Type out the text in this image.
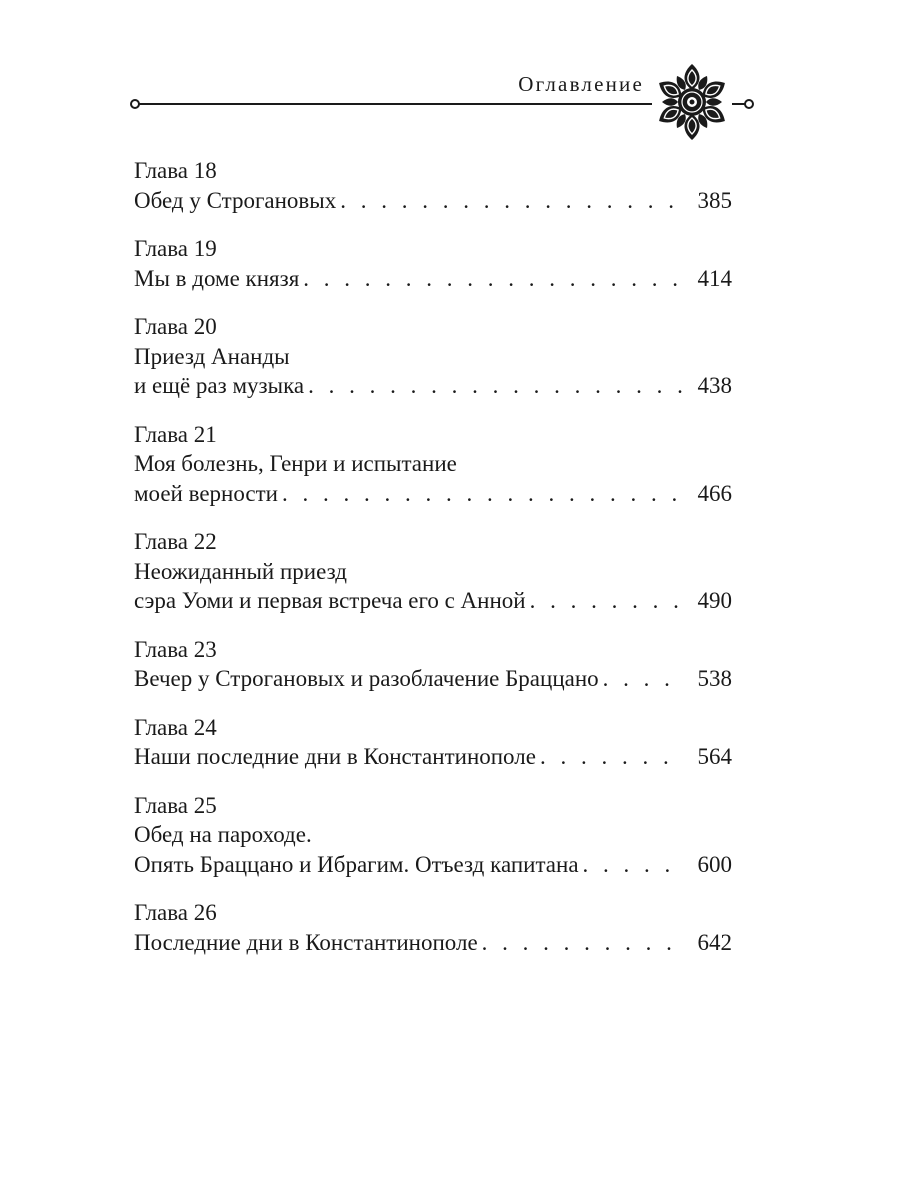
Оглавление
Глава 18
Обед у Строгановых . . .	385
Глава 19
Мы в доме князя . . .	414
Глава 20
Приезд Ананды
и ещё раз музыка . . .	438
Глава 21
Моя болезнь, Генри и испытание
моей верности . . .	466
Глава 22
Неожиданный приезд
сэра Уоми и первая встреча его с Анной . . .	490
Глава 23
Вечер у Строгановых и разоблачение Браццано . . .	538
Глава 24
Наши последние дни в Константинополе . . .	564
Глава 25
Обед на пароходе.
Опять Браццано и Ибрагим. Отъезд капитана . . .	600
Глава 26
Последние дни в Константинополе . . .	642
